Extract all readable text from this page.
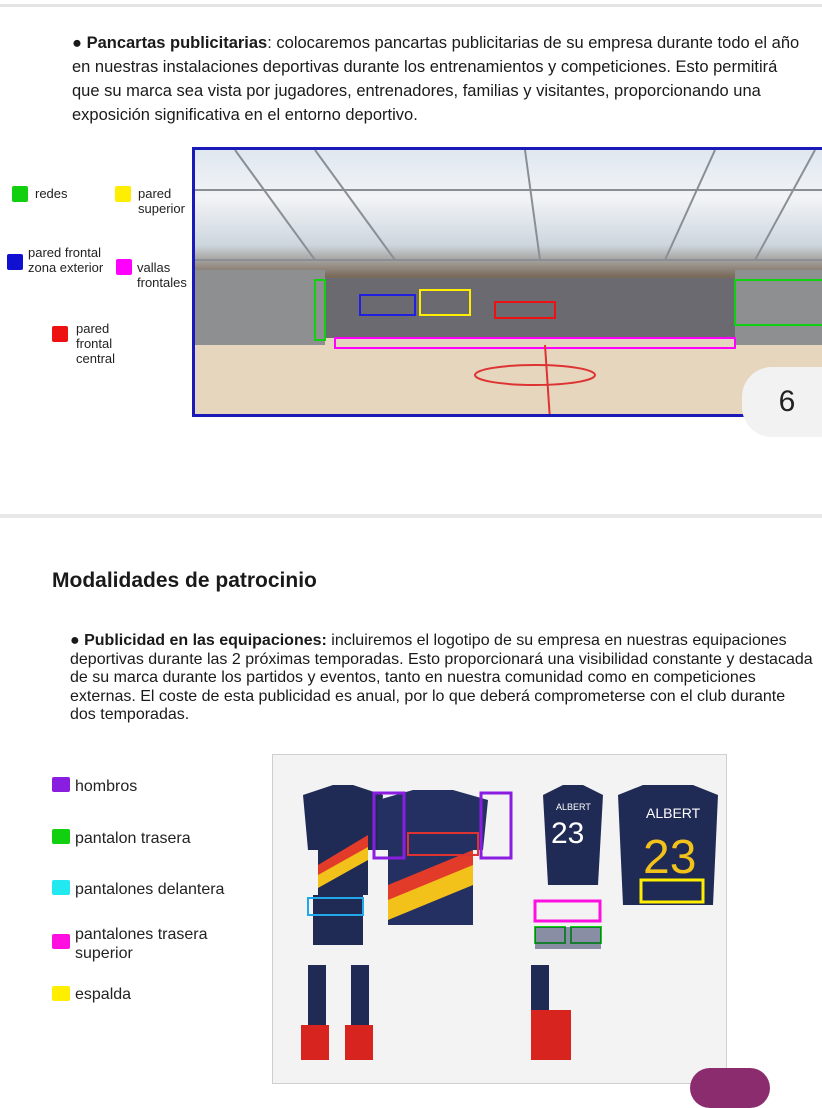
● Pancartas publicitarias: colocaremos pancartas publicitarias de su empresa durante todo el año en nuestras instalaciones deportivas durante los entrenamientos y competiciones. Esto permitirá que su marca sea vista por jugadores, entrenadores, familias y visitantes, proporcionando una exposición significativa en el entorno deportivo.
redes	pared superior
pared frontal zona exterior	vallas frontales
pared frontal central
6
Modalidades de patrocinio
● Publicidad en las equipaciones: incluiremos el logotipo de su empresa en nuestras equipaciones deportivas durante las 2 próximas temporadas. Esto proporcionará una visibilidad constante y destacada de su marca durante los partidos y eventos, tanto en nuestra comunidad como en competiciones externas. El coste de esta publicidad es anual, por lo que deberá comprometerse con el club durante dos temporadas.
hombros
pantalon trasera
pantalones delantera
pantalones trasera superior
espalda
ALBERT
23
ALBERT
23
